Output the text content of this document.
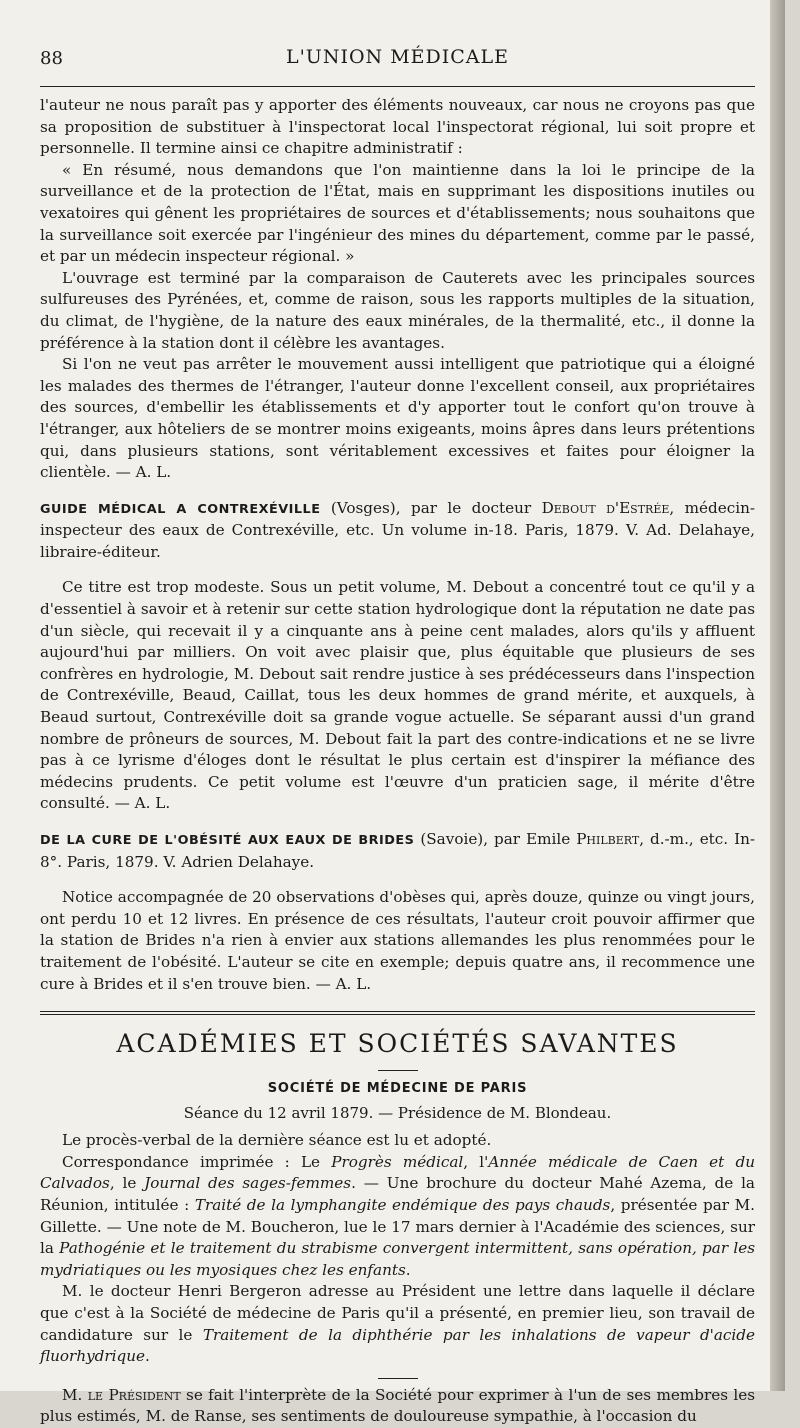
88	L'UNION MÉDICALE

l'auteur ne nous paraît pas y apporter des éléments nouveaux, car nous ne croyons pas que sa proposition de substituer à l'inspectorat local l'inspectorat régional, lui soit propre et personnelle. Il termine ainsi ce chapitre administratif :

« En résumé, nous demandons que l'on maintienne dans la loi le principe de la surveillance et de la protection de l'État, mais en supprimant les dispositions inutiles ou vexatoires qui gênent les propriétaires de sources et d'établissements; nous souhaitons que la surveillance soit exercée par l'ingénieur des mines du département, comme par le passé, et par un médecin inspecteur régional. »

L'ouvrage est terminé par la comparaison de Cauterets avec les principales sources sulfureuses des Pyrénées, et, comme de raison, sous les rapports multiples de la situation, du climat, de l'hygiène, de la nature des eaux minérales, de la thermalité, etc., il donne la préférence à la station dont il célèbre les avantages.

Si l'on ne veut pas arrêter le mouvement aussi intelligent que patriotique qui a éloigné les malades des thermes de l'étranger, l'auteur donne l'excellent conseil, aux propriétaires des sources, d'embellir les établissements et d'y apporter tout le confort qu'on trouve à l'étranger, aux hôteliers de se montrer moins exigeants, moins âpres dans leurs prétentions qui, dans plusieurs stations, sont véritablement excessives et faites pour éloigner la clientèle. — A. L.

GUIDE MÉDICAL A CONTREXÉVILLE (Vosges), par le docteur Debout d'Estrée, médecin-inspecteur des eaux de Contrexéville, etc. Un volume in-18. Paris, 1879. V. Ad. Delahaye, libraire-éditeur.

Ce titre est trop modeste. Sous un petit volume, M. Debout a concentré tout ce qu'il y a d'essentiel à savoir et à retenir sur cette station hydrologique dont la réputation ne date pas d'un siècle, qui recevait il y a cinquante ans à peine cent malades, alors qu'ils y affluent aujourd'hui par milliers. On voit avec plaisir que, plus équitable que plusieurs de ses confrères en hydrologie, M. Debout sait rendre justice à ses prédécesseurs dans l'inspection de Contrexéville, Beaud, Caillat, tous les deux hommes de grand mérite, et auxquels, à Beaud surtout, Contrexéville doit sa grande vogue actuelle. Se séparant aussi d'un grand nombre de prôneurs de sources, M. Debout fait la part des contre-indications et ne se livre pas à ce lyrisme d'éloges dont le résultat le plus certain est d'inspirer la méfiance des médecins prudents. Ce petit volume est l'œuvre d'un praticien sage, il mérite d'être consulté. — A. L.

DE LA CURE DE L'OBÉSITÉ AUX EAUX DE BRIDES (Savoie), par Emile Philbert, d.-m., etc. In-8°. Paris, 1879. V. Adrien Delahaye.

Notice accompagnée de 20 observations d'obèses qui, après douze, quinze ou vingt jours, ont perdu 10 et 12 livres. En présence de ces résultats, l'auteur croit pouvoir affirmer que la station de Brides n'a rien à envier aux stations allemandes les plus renommées pour le traitement de l'obésité. L'auteur se cite en exemple; depuis quatre ans, il recommence une cure à Brides et il s'en trouve bien. — A. L.

ACADÉMIES ET SOCIÉTÉS SAVANTES
SOCIÉTÉ DE MÉDECINE DE PARIS
Séance du 12 avril 1879. — Présidence de M. Blondeau.

Le procès-verbal de la dernière séance est lu et adopté.

Correspondance imprimée : Le Progrès médical, l'Année médicale de Caen et du Calvados, le Journal des sages-femmes. — Une brochure du docteur Mahé Azema, de la Réunion, intitulée : Traité de la lymphangite endémique des pays chauds, présentée par M. Gillette. — Une note de M. Boucheron, lue le 17 mars dernier à l'Académie des sciences, sur la Pathogénie et le traitement du strabisme convergent intermittent, sans opération, par les mydriatiques ou les myosiques chez les enfants.

M. le docteur Henri Bergeron adresse au Président une lettre dans laquelle il déclare que c'est à la Société de médecine de Paris qu'il a présenté, en premier lieu, son travail de candidature sur le Traitement de la diphthérie par les inhalations de vapeur d'acide fluorhydrique.

M. le Président se fait l'interprète de la Société pour exprimer à l'un de ses membres les plus estimés, M. de Ranse, ses sentiments de douloureuse sympathie, à l'occasion du
